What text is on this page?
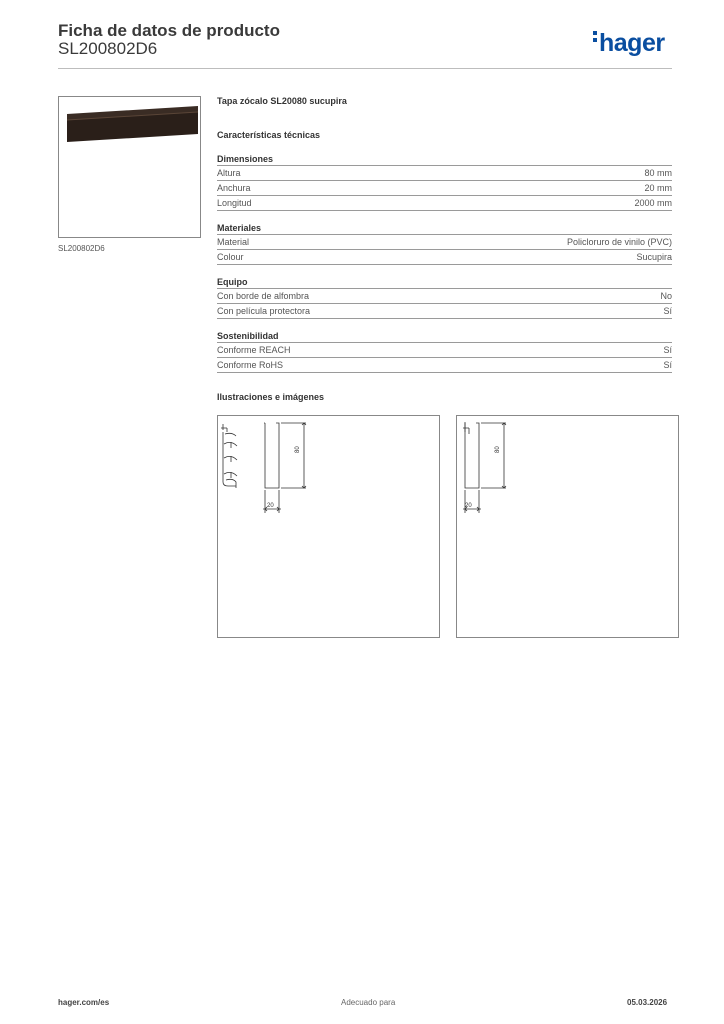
Ficha de datos de producto
SL200802D6	hager
SL200802D6
Tapa zócalo SL20080 sucupira
Características técnicas
Dimensiones
Altura	80 mm
Anchura	20 mm
Longitud	2000 mm
Materiales
Material	Policloruro de vinilo (PVC)
Colour	Sucupira
Equipo
Con borde de alfombra	No
Con película protectora	Sí
Sostenibilidad
Conforme REACH	Sí
Conforme RoHS	Sí
Ilustraciones e imágenes
80
20
80
20
hager.com/es	Adecuado para	05.03.2026
